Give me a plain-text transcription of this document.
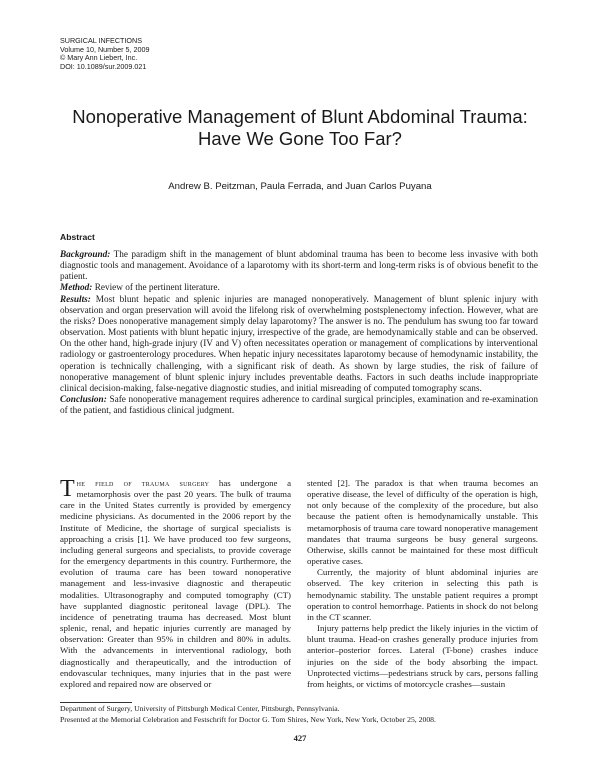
SURGICAL INFECTIONS
Volume 10, Number 5, 2009
© Mary Ann Liebert, Inc.
DOI: 10.1089/sur.2009.021
Nonoperative Management of Blunt Abdominal Trauma:
Have We Gone Too Far?
Andrew B. Peitzman, Paula Ferrada, and Juan Carlos Puyana
Abstract

Background: The paradigm shift in the management of blunt abdominal trauma has been to become less invasive with both diagnostic tools and management. Avoidance of a laparotomy with its short-term and long-term risks is of obvious benefit to the patient.

Method: Review of the pertinent literature.

Results: Most blunt hepatic and splenic injuries are managed nonoperatively. Management of blunt splenic injury with observation and organ preservation will avoid the lifelong risk of overwhelming postsplenectomy infection. However, what are the risks? Does nonoperative management simply delay laparotomy? The answer is no. The pendulum has swung too far toward observation. Most patients with blunt hepatic injury, irrespective of the grade, are hemodynamically stable and can be observed. On the other hand, high-grade injury (IV and V) often necessitates operation or management of complications by interventional radiology or gastroenterology procedures. When hepatic injury necessitates laparotomy because of hemodynamic instability, the operation is technically challenging, with a significant risk of death. As shown by large studies, the risk of failure of nonoperative management of blunt splenic injury includes preventable deaths. Factors in such deaths include inappropriate clinical decision-making, false-negative diagnostic studies, and initial misreading of computed tomography scans.

Conclusion: Safe nonoperative management requires adherence to cardinal surgical principles, examination and re-examination of the patient, and fastidious clinical judgment.

The field of trauma surgery has undergone a metamorphosis over the past 20 years. The bulk of trauma care in the United States currently is provided by emergency medicine physicians. As documented in the 2006 report by the Institute of Medicine, the shortage of surgical specialists is approaching a crisis [1]. We have produced too few surgeons, including general surgeons and specialists, to provide coverage for the emergency departments in this country. Furthermore, the evolution of trauma care has been toward nonoperative management and less-invasive diagnostic and therapeutic modalities. Ultrasonography and computed tomography (CT) have supplanted diagnostic peritoneal lavage (DPL). The incidence of penetrating trauma has decreased. Most blunt splenic, renal, and hepatic injuries currently are managed by observation: Greater than 95% in children and 80% in adults. With the advancements in interventional radiology, both diagnostically and therapeutically, and the introduction of endovascular techniques, many injuries that in the past were explored and repaired now are observed or

stented [2]. The paradox is that when trauma becomes an operative disease, the level of difficulty of the operation is high, not only because of the complexity of the procedure, but also because the patient often is hemodynamically unstable. This metamorphosis of trauma care toward nonoperative management mandates that trauma surgeons be busy general surgeons. Otherwise, skills cannot be maintained for these most difficult operative cases.

Currently, the majority of blunt abdominal injuries are observed. The key criterion in selecting this path is hemodynamic stability. The unstable patient requires a prompt operation to control hemorrhage. Patients in shock do not belong in the CT scanner.

Injury patterns help predict the likely injuries in the victim of blunt trauma. Head-on crashes generally produce injuries from anterior–posterior forces. Lateral (T-bone) crashes induce injuries on the side of the body absorbing the impact. Unprotected victims—pedestrians struck by cars, persons falling from heights, or victims of motorcycle crashes—sustain

Department of Surgery, University of Pittsburgh Medical Center, Pittsburgh, Pennsylvania.
Presented at the Memorial Celebration and Festschrift for Doctor G. Tom Shires, New York, New York, October 25, 2008.
427
